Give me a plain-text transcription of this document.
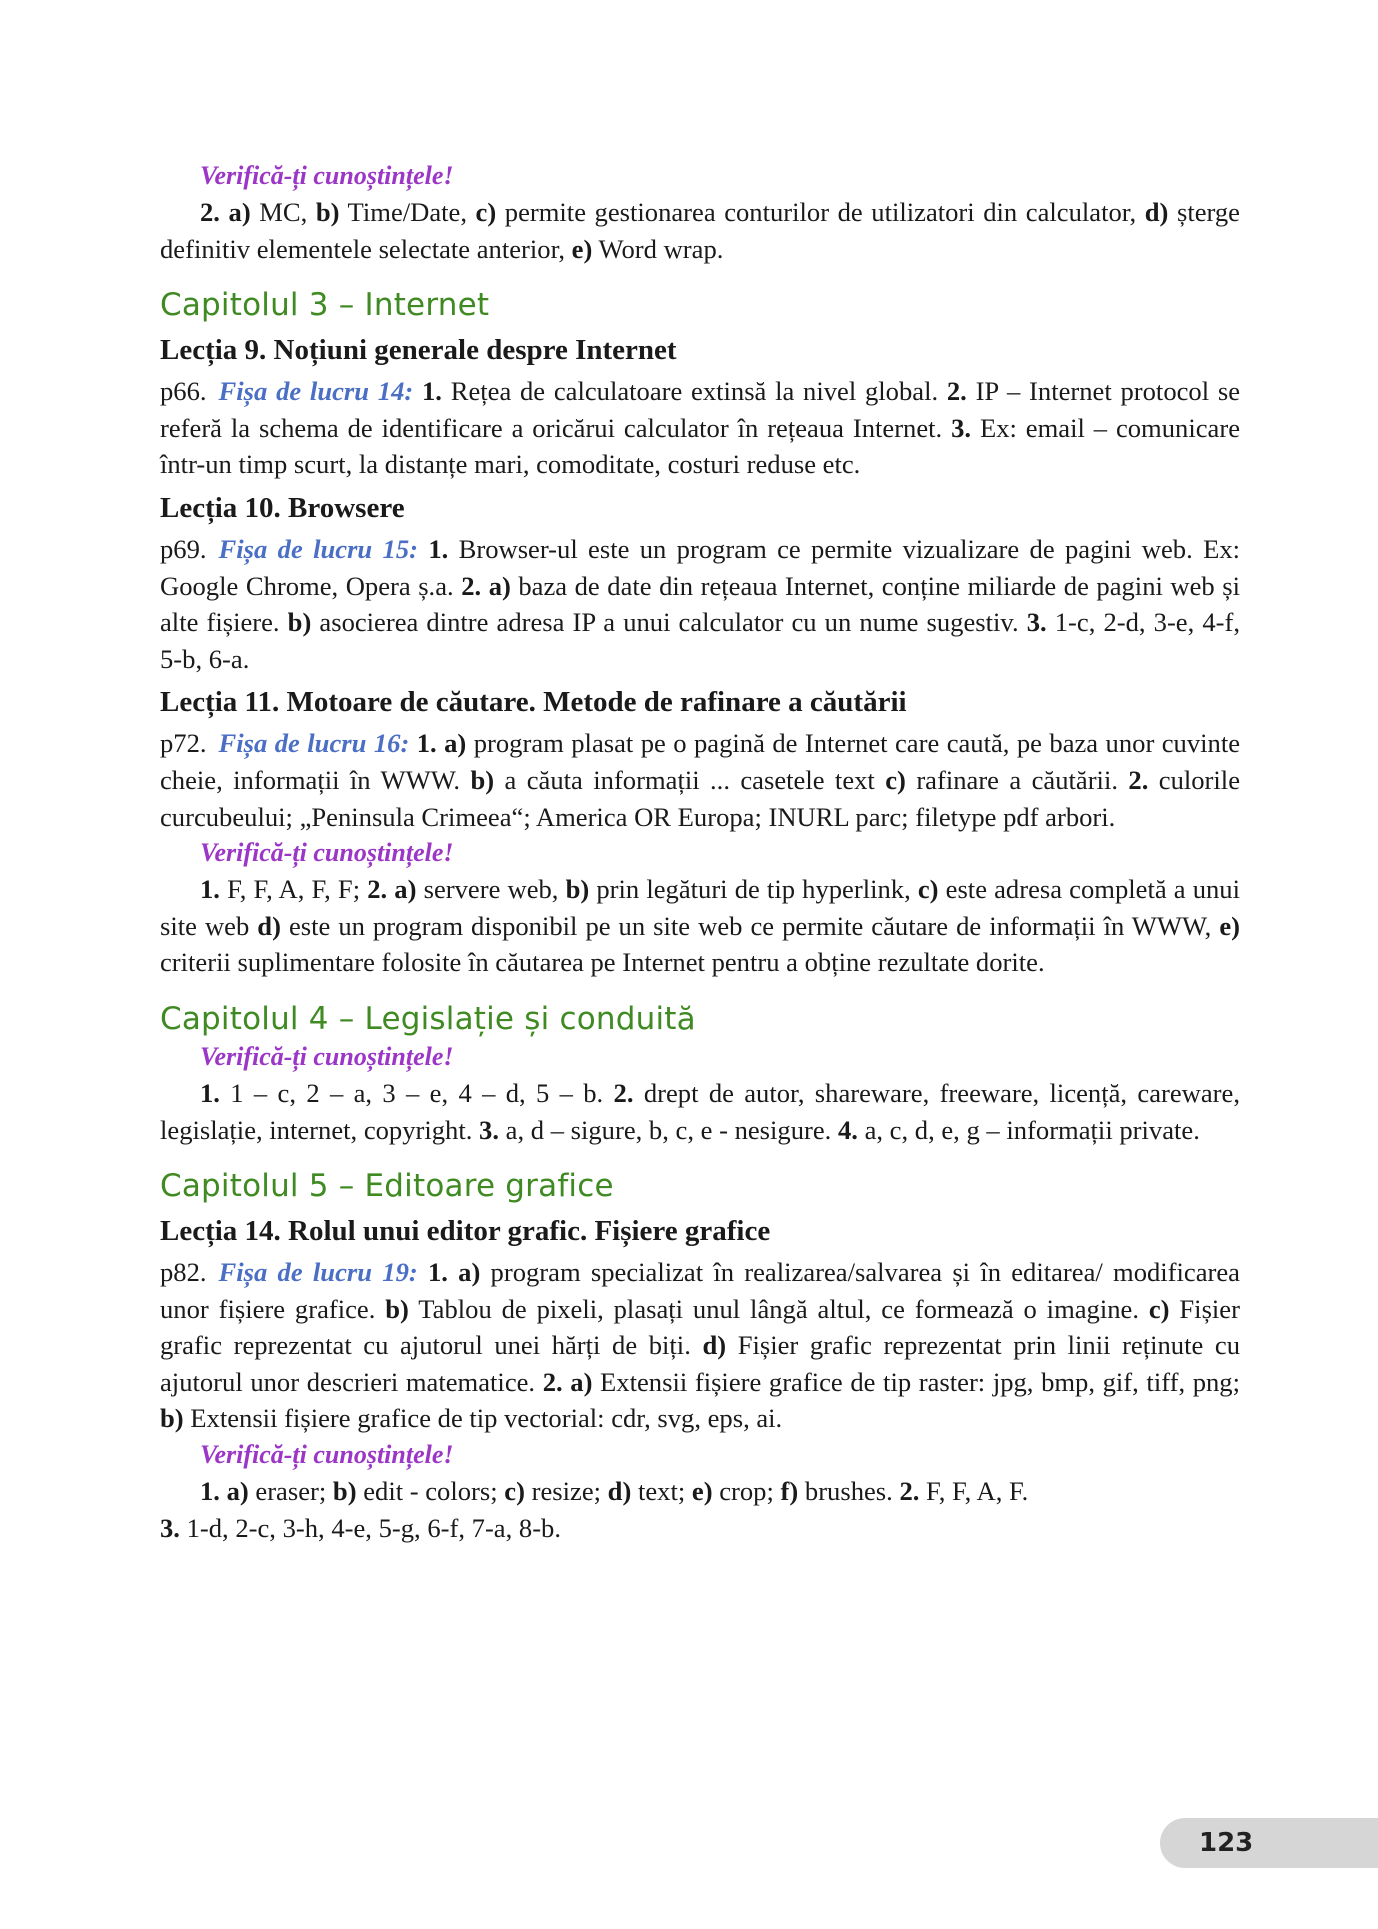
Verifică-ți cunoștințele!

2. a) MC, b) Time/Date, c) permite gestionarea conturilor de utilizatori din calculator, d) șterge definitiv elementele selectate anterior, e) Word wrap.

Capitolul 3 – Internet
Lecția 9. Noțiuni generale despre Internet

p66. Fișa de lucru 14: 1. Rețea de calculatoare extinsă la nivel global. 2. IP – Internet protocol se referă la schema de identificare a oricărui calculator în rețeaua Internet. 3. Ex: email – comunicare într-un timp scurt, la distanțe mari, comoditate, costuri reduse etc.

Lecția 10. Browsere

p69. Fișa de lucru 15: 1. Browser-ul este un program ce permite vizualizare de pagini web. Ex: Google Chrome, Opera ș.a. 2. a) baza de date din rețeaua Internet, conține miliarde de pagini web și alte fișiere. b) asocierea dintre adresa IP a unui calculator cu un nume sugestiv. 3. 1-c, 2-d, 3-e, 4-f, 5-b, 6-a.

Lecția 11. Motoare de căutare. Metode de rafinare a căutării

p72. Fișa de lucru 16: 1. a) program plasat pe o pagină de Internet care caută, pe baza unor cuvinte cheie, informații în WWW. b) a căuta informații ... casetele text c) rafinare a căutării. 2. culorile curcubeului; „Peninsula Crimeea“; America OR Europa; INURL parc; filetype pdf arbori.

Verifică-ți cunoștințele!

1. F, F, A, F, F; 2. a) servere web, b) prin legături de tip hyperlink, c) este adresa completă a unui site web d) este un program disponibil pe un site web ce permite căutare de informații în WWW, e) criterii suplimentare folosite în căutarea pe Internet pentru a obține rezultate dorite.

Capitolul 4 – Legislație și conduită
Verifică-ți cunoștințele!

1. 1 – c, 2 – a, 3 – e, 4 – d, 5 – b. 2. drept de autor, shareware, freeware, licență, careware, legislație, internet, copyright. 3. a, d – sigure, b, c, e - nesigure. 4. a, c, d, e, g – informații private.

Capitolul 5 – Editoare grafice
Lecția 14. Rolul unui editor grafic. Fișiere grafice

p82. Fișa de lucru 19: 1. a) program specializat în realizarea/salvarea și în editarea/ modificarea unor fișiere grafice. b) Tablou de pixeli, plasați unul lângă altul, ce formează o imagine. c) Fișier grafic reprezentat cu ajutorul unei hărți de biți. d) Fișier grafic reprezentat prin linii reținute cu ajutorul unor descrieri matematice. 2. a) Extensii fișiere grafice de tip raster: jpg, bmp, gif, tiff, png; b) Extensii fișiere grafice de tip vectorial: cdr, svg, eps, ai.

Verifică-ți cunoștințele!

1. a) eraser; b) edit - colors; c) resize; d) text; e) crop; f) brushes. 2. F, F, A, F.
3. 1-d, 2-c, 3-h, 4-e, 5-g, 6-f, 7-a, 8-b.

123
